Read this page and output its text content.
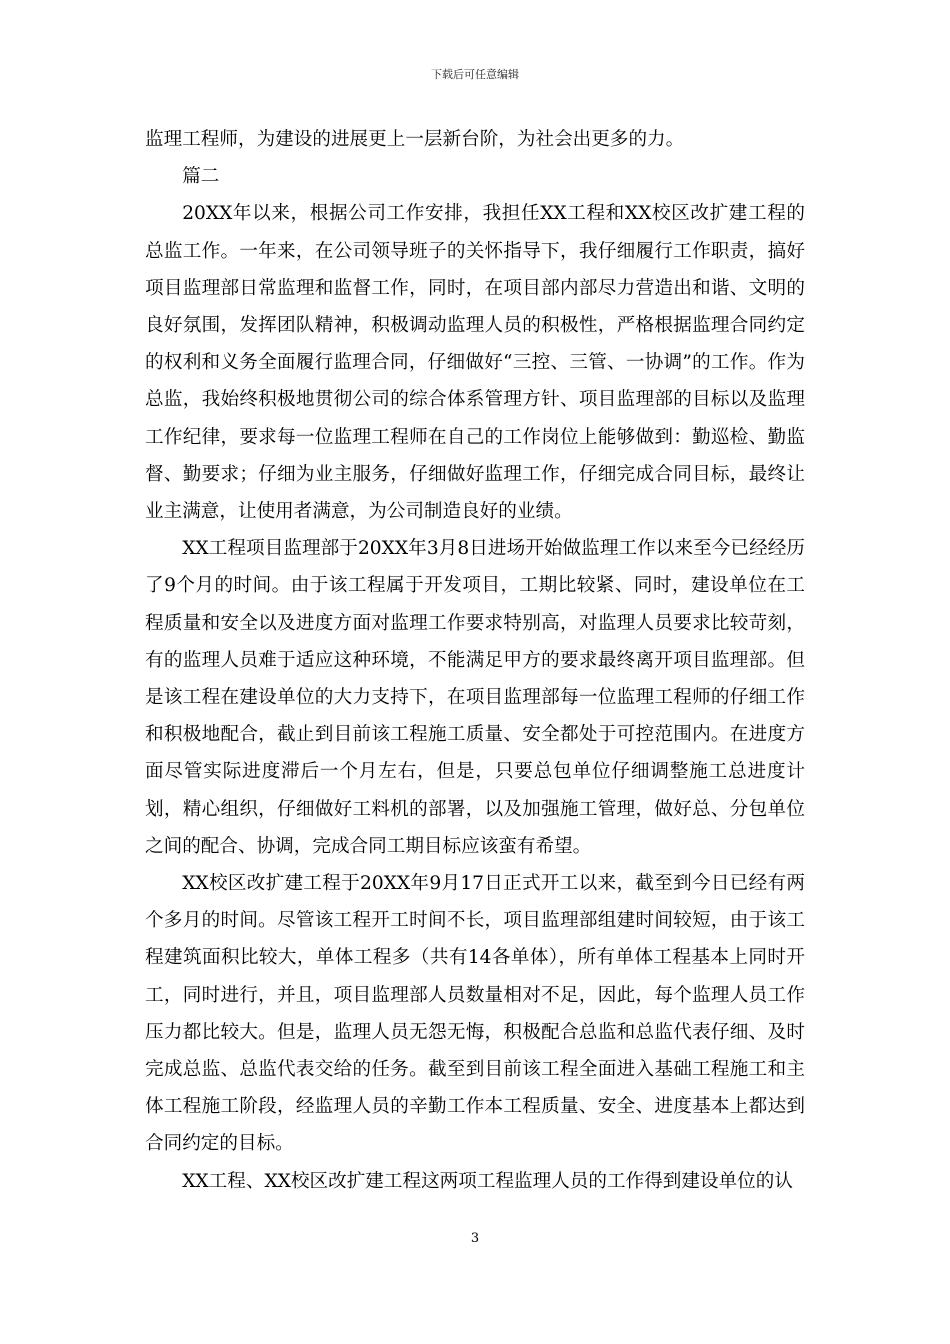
下载后可任意编辑

监理工程师，为建设的进展更上一层新台阶，为社会出更多的力。

篇二

20XX年以来，根据公司工作安排，我担任XX工程和XX校区改扩建工程的总监工作。一年来，在公司领导班子的关怀指导下，我仔细履行工作职责，搞好项目监理部日常监理和监督工作，同时，在项目部内部尽力营造出和谐、文明的良好氛围，发挥团队精神，积极调动监理人员的积极性，严格根据监理合同约定的权利和义务全面履行监理合同，仔细做好“三控、三管、一协调”的工作。作为总监，我始终积极地贯彻公司的综合体系管理方针、项目监理部的目标以及监理工作纪律，要求每一位监理工程师在自己的工作岗位上能够做到：勤巡检、勤监督、勤要求；仔细为业主服务，仔细做好监理工作，仔细完成合同目标，最终让业主满意，让使用者满意，为公司制造良好的业绩。

XX工程项目监理部于20XX年3月8日进场开始做监理工作以来至今已经经历了9个月的时间。由于该工程属于开发项目，工期比较紧、同时，建设单位在工程质量和安全以及进度方面对监理工作要求特别高，对监理人员要求比较苛刻，有的监理人员难于适应这种环境，不能满足甲方的要求最终离开项目监理部。但是该工程在建设单位的大力支持下，在项目监理部每一位监理工程师的仔细工作和积极地配合，截止到目前该工程施工质量、安全都处于可控范围内。在进度方面尽管实际进度滞后一个月左右，但是，只要总包单位仔细调整施工总进度计划，精心组织，仔细做好工料机的部署，以及加强施工管理，做好总、分包单位之间的配合、协调，完成合同工期目标应该蛮有希望。

XX校区改扩建工程于20XX年9月17日正式开工以来，截至到今日已经有两个多月的时间。尽管该工程开工时间不长，项目监理部组建时间较短，由于该工程建筑面积比较大，单体工程多（共有14各单体），所有单体工程基本上同时开工，同时进行，并且，项目监理部人员数量相对不足，因此，每个监理人员工作压力都比较大。但是，监理人员无怨无悔，积极配合总监和总监代表仔细、及时完成总监、总监代表交给的任务。截至到目前该工程全面进入基础工程施工和主体工程施工阶段，经监理人员的辛勤工作本工程质量、安全、进度基本上都达到合同约定的目标。

XX工程、XX校区改扩建工程这两项工程监理人员的工作得到建设单位的认

3
